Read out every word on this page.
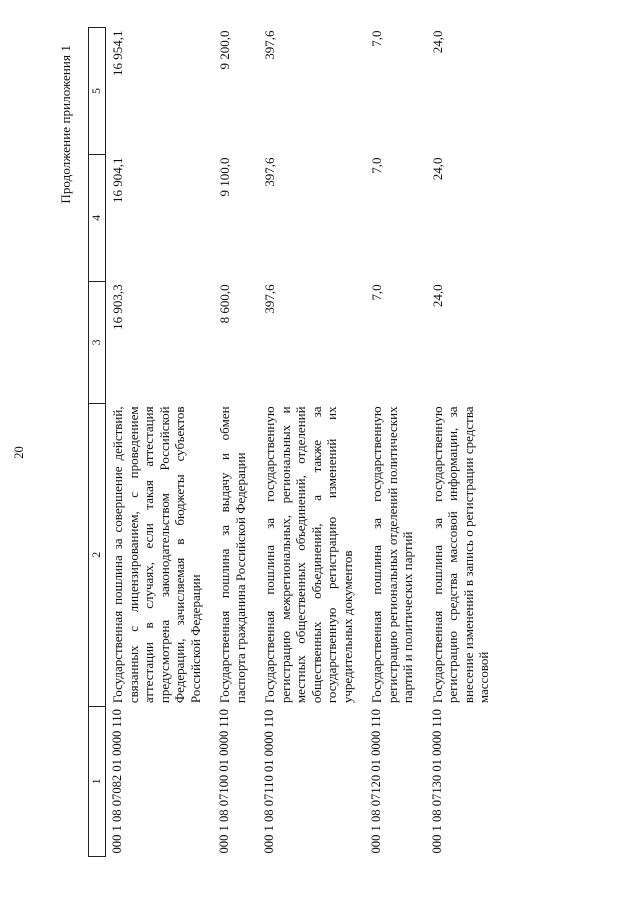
20
Продолжение приложения 1
1	2	3	4	5
000 1 08 07082 01 0000 110	Государственная пошлина за совершение действий, связанных с лицензированием, с проведением аттестации в случаях, если такая аттестация предусмотрена законодательством Российской Федерации, зачисляемая в бюджеты субъектов Российской Федерации	16 903,3	16 904,1	16 954,1
000 1 08 07100 01 0000 110	Государственная пошлина за выдачу и обмен паспорта гражданина Российской Федерации	8 600,0	9 100,0	9 200,0
000 1 08 07110 01 0000 110	Государственная пошлина за государственную регистрацию межрегиональных, региональных и местных общественных объединений, отделений общественных объединений, а также за государственную регистрацию изменений их учредительных документов	397,6	397,6	397,6
000 1 08 07120 01 0000 110	Государственная пошлина за государственную регистрацию региональных отделений политических партий и политических партий	7,0	7,0	7,0
000 1 08 07130 01 0000 110	Государственная пошлина за государственную регистрацию средства массовой информации, за внесение изменений в запись о регистрации средства массовой	24,0	24,0	24,0
